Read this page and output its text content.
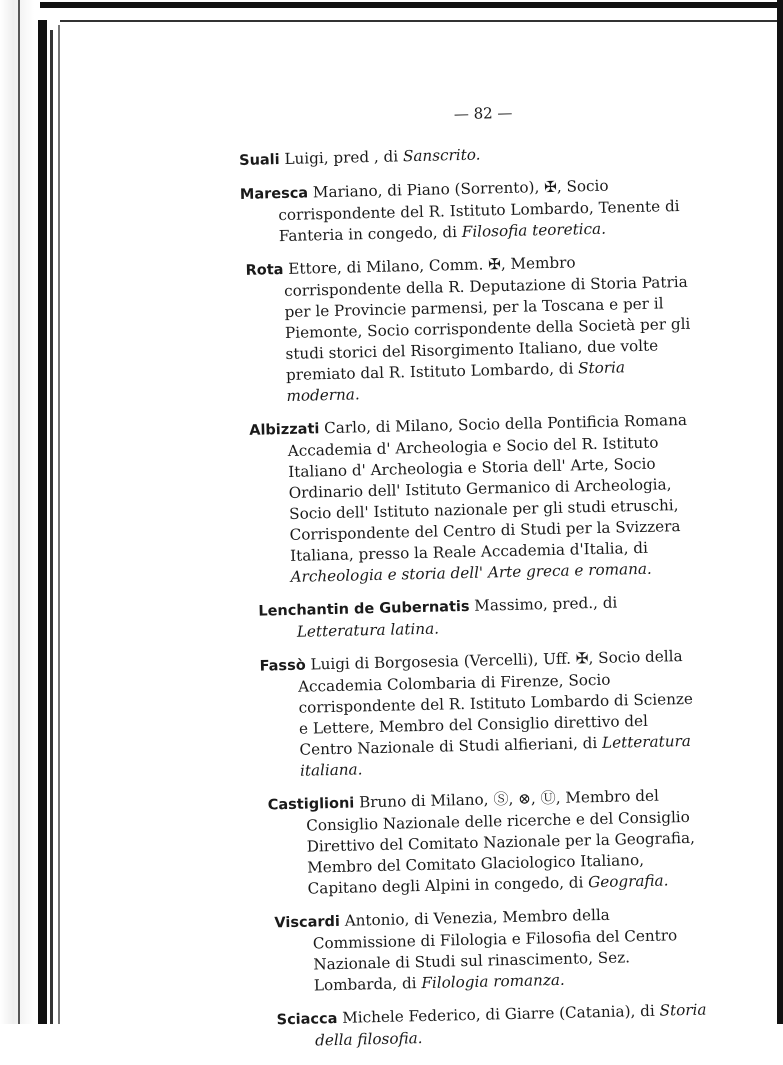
— 82 —

Suali Luigi, pred , di Sanscrito.

Maresca Mariano, di Piano (Sorrento), ✠, Socio corrispondente del R. Istituto Lombardo, Tenente di Fanteria in congedo, di Filosofia teoretica.

Rota Ettore, di Milano, Comm. ✠, Membro corrispondente della R. Deputazione di Storia Patria per le Provincie parmensi, per la Toscana e per il Piemonte, Socio corrispondente della Società per gli studi storici del Risorgimento Italiano, due volte premiato dal R. Istituto Lombardo, di Storia moderna.

Albizzati Carlo, di Milano, Socio della Pontificia Romana Accademia d' Archeologia e Socio del R. Istituto Italiano d' Archeologia e Storia dell' Arte, Socio Ordinario dell' Istituto Germanico di Archeologia, Socio dell' Istituto nazionale per gli studi etruschi, Corrispondente del Centro di Studi per la Svizzera Italiana, presso la Reale Accademia d'Italia, di Archeologia e storia dell' Arte greca e romana.

Lenchantin de Gubernatis Massimo, pred., di Letteratura latina.

Fassò Luigi di Borgosesia (Vercelli), Uff. ✠, Socio della Accademia Colombaria di Firenze, Socio corrispondente del R. Istituto Lombardo di Scienze e Lettere, Membro del Consiglio direttivo del Centro Nazionale di Studi alfieriani, di Letteratura italiana.

Castiglioni Bruno di Milano, Ⓢ, ⊗, Ⓤ, Membro del Consiglio Nazionale delle ricerche e del Consiglio Direttivo del Comitato Nazionale per la Geografia, Membro del Comitato Glaciologico Italiano, Capitano degli Alpini in congedo, di Geografia.

Viscardi Antonio, di Venezia, Membro della Commissione di Filologia e Filosofia del Centro Nazionale di Studi sul rinascimento, Sez. Lombarda, di Filologia romanza.

Sciacca Michele Federico, di Giarre (Catania), di Storia della filosofia.
